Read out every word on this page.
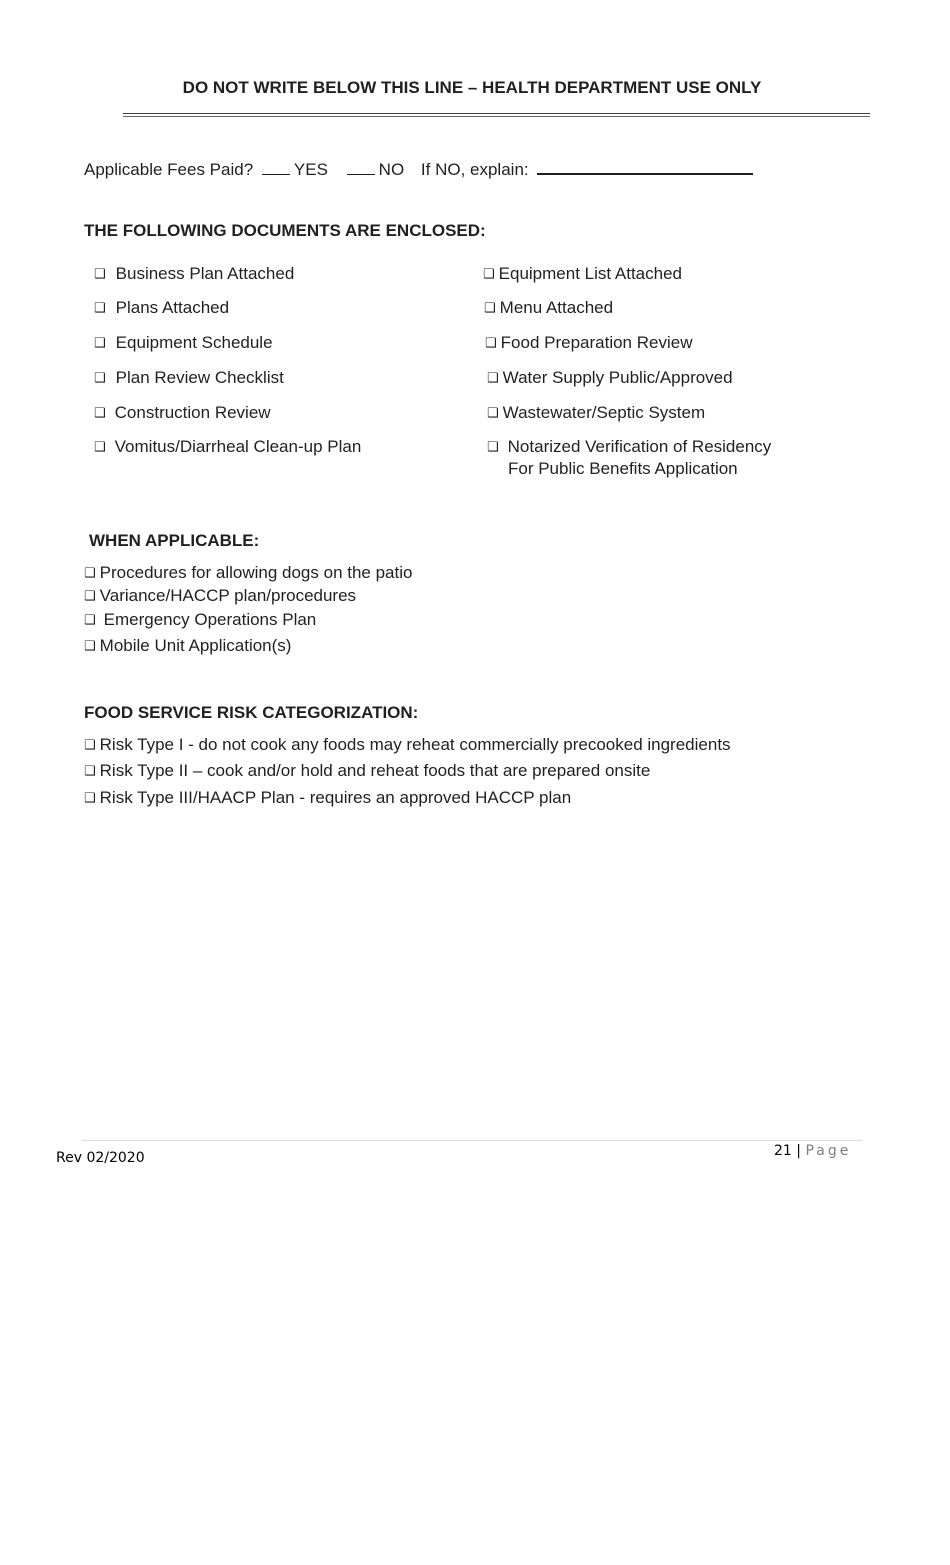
DO NOT WRITE BELOW THIS LINE – HEALTH DEPARTMENT USE ONLY
Applicable Fees Paid? YES	NO If NO, explain:
THE FOLLOWING DOCUMENTS ARE ENCLOSED:
❑ Business Plan Attached
❑ Plans Attached
❑ Equipment Schedule
❑ Plan Review Checklist
❑ Construction Review
❑ Vomitus/Diarrheal Clean-up Plan
❑ Equipment List Attached
❑ Menu Attached
❑ Food Preparation Review
❑ Water Supply Public/Approved
❑ Wastewater/Septic System
❑ Notarized Verification of Residency
For Public Benefits Application
WHEN APPLICABLE:
❑ Procedures for allowing dogs on the patio
❑ Variance/HACCP plan/procedures
❑ Emergency Operations Plan
❑ Mobile Unit Application(s)
FOOD SERVICE RISK CATEGORIZATION:
❑ Risk Type I - do not cook any foods may reheat commercially precooked ingredients
❑ Risk Type II – cook and/or hold and reheat foods that are prepared onsite
❑ Risk Type III/HAACP Plan - requires an approved HACCP plan
Rev 02/2020	21 | Page
